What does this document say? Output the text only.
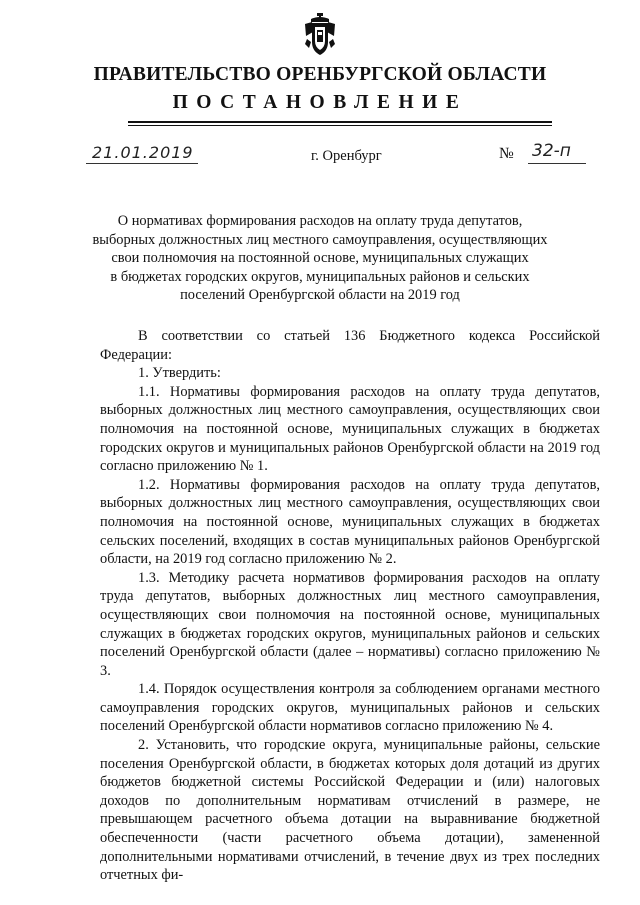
ПРАВИТЕЛЬСТВО ОРЕНБУРГСКОЙ ОБЛАСТИ
ПОСТАНОВЛЕНИЕ
21.01.2019	г. Оренбург	№ 32-п
О нормативах формирования расходов на оплату труда депутатов,
выборных должностных лиц местного самоуправления, осуществляющих
свои полномочия на постоянной основе, муниципальных служащих
в бюджетах городских округов, муниципальных районов и сельских
поселений Оренбургской области на 2019 год

В соответствии со статьей 136 Бюджетного кодекса Российской Федерации:

1. Утвердить:

1.1. Нормативы формирования расходов на оплату труда депутатов, выборных должностных лиц местного самоуправления, осуществляющих свои полномочия на постоянной основе, муниципальных служащих в бюджетах городских округов и муниципальных районов Оренбургской области на 2019 год согласно приложению № 1.

1.2. Нормативы формирования расходов на оплату труда депутатов, выборных должностных лиц местного самоуправления, осуществляющих свои полномочия на постоянной основе, муниципальных служащих в бюджетах сельских поселений, входящих в состав муниципальных районов Оренбургской области, на 2019 год согласно приложению № 2.

1.3. Методику расчета нормативов формирования расходов на оплату труда депутатов, выборных должностных лиц местного самоуправления, осуществляющих свои полномочия на постоянной основе, муниципальных служащих в бюджетах городских округов, муниципальных районов и сельских поселений Оренбургской области (далее – нормативы) согласно приложению № 3.

1.4. Порядок осуществления контроля за соблюдением органами местного самоуправления городских округов, муниципальных районов и сельских поселений Оренбургской области нормативов согласно приложению № 4.

2. Установить, что городские округа, муниципальные районы, сельские поселения Оренбургской области, в бюджетах которых доля дотаций из других бюджетов бюджетной системы Российской Федерации и (или) налоговых доходов по дополнительным нормативам отчислений в размере, не превышающем расчетного объема дотации на выравнивание бюджетной обеспеченности (части расчетного объема дотации), замененной дополнительными нормативами отчислений, в течение двух из трех последних отчетных фи-
